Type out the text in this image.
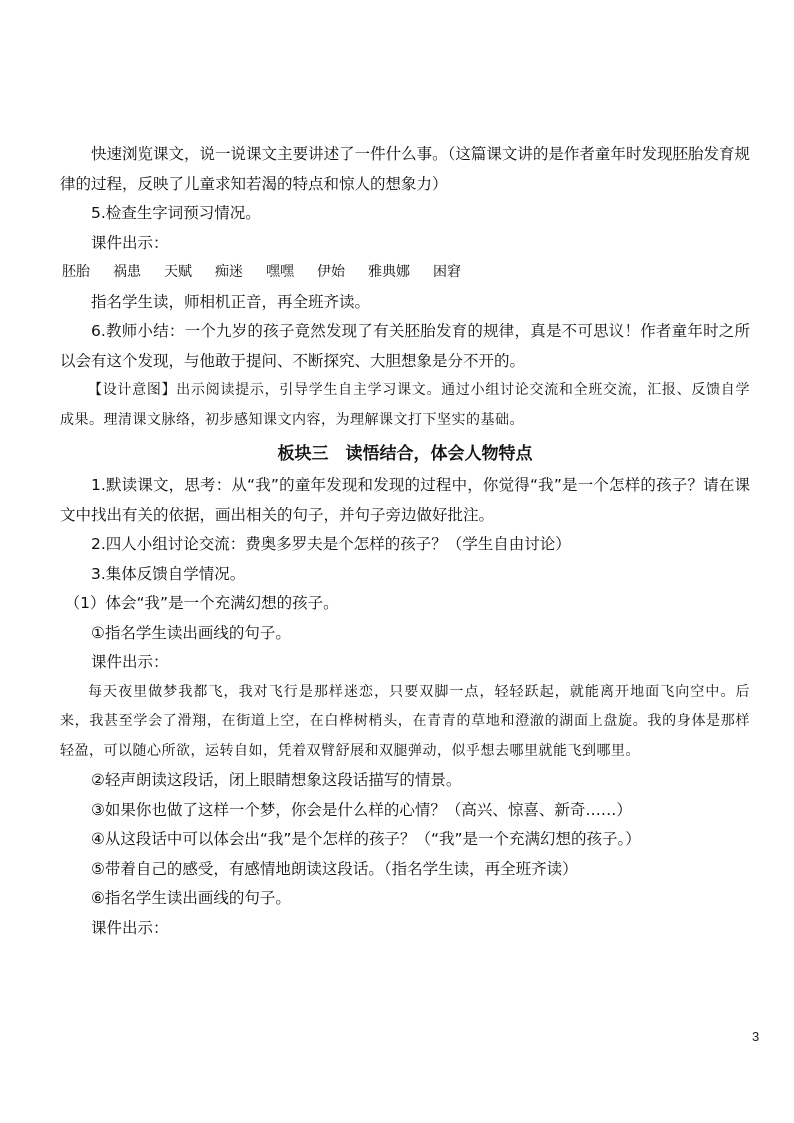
快速浏览课文，说一说课文主要讲述了一件什么事。（这篇课文讲的是作者童年时发现胚胎发育规律的过程，反映了儿童求知若渴的特点和惊人的想象力）

5.检查生字词预习情况。

课件出示：

胚胎 祸患 天赋 痴迷 嘿嘿 伊始 雅典娜 困窘

指名学生读，师相机正音，再全班齐读。

6.教师小结：一个九岁的孩子竟然发现了有关胚胎发育的规律，真是不可思议！作者童年时之所以会有这个发现，与他敢于提问、不断探究、大胆想象是分不开的。

【设计意图】出示阅读提示，引导学生自主学习课文。通过小组讨论交流和全班交流，汇报、反馈自学成果。理清课文脉络，初步感知课文内容，为理解课文打下坚实的基础。

板块三　读悟结合，体会人物特点

1.默读课文，思考：从“我”的童年发现和发现的过程中，你觉得“我”是一个怎样的孩子？请在课文中找出有关的依据，画出相关的句子，并句子旁边做好批注。

2.四人小组讨论交流：费奥多罗夫是个怎样的孩子？（学生自由讨论）

3.集体反馈自学情况。

（1）体会“我”是一个充满幻想的孩子。

①指名学生读出画线的句子。

课件出示：

每天夜里做梦我都飞，我对飞行是那样迷恋，只要双脚一点，轻轻跃起，就能离开地面飞向空中。后来，我甚至学会了滑翔，在街道上空，在白桦树梢头，在青青的草地和澄澈的湖面上盘旋。我的身体是那样轻盈，可以随心所欲，运转自如，凭着双臂舒展和双腿弹动，似乎想去哪里就能飞到哪里。

②轻声朗读这段话，闭上眼睛想象这段话描写的情景。

③如果你也做了这样一个梦，你会是什么样的心情？（高兴、惊喜、新奇……）

④从这段话中可以体会出“我”是个怎样的孩子？（“我”是一个充满幻想的孩子。）

⑤带着自己的感受，有感情地朗读这段话。（指名学生读，再全班齐读）

⑥指名学生读出画线的句子。

课件出示：

3
